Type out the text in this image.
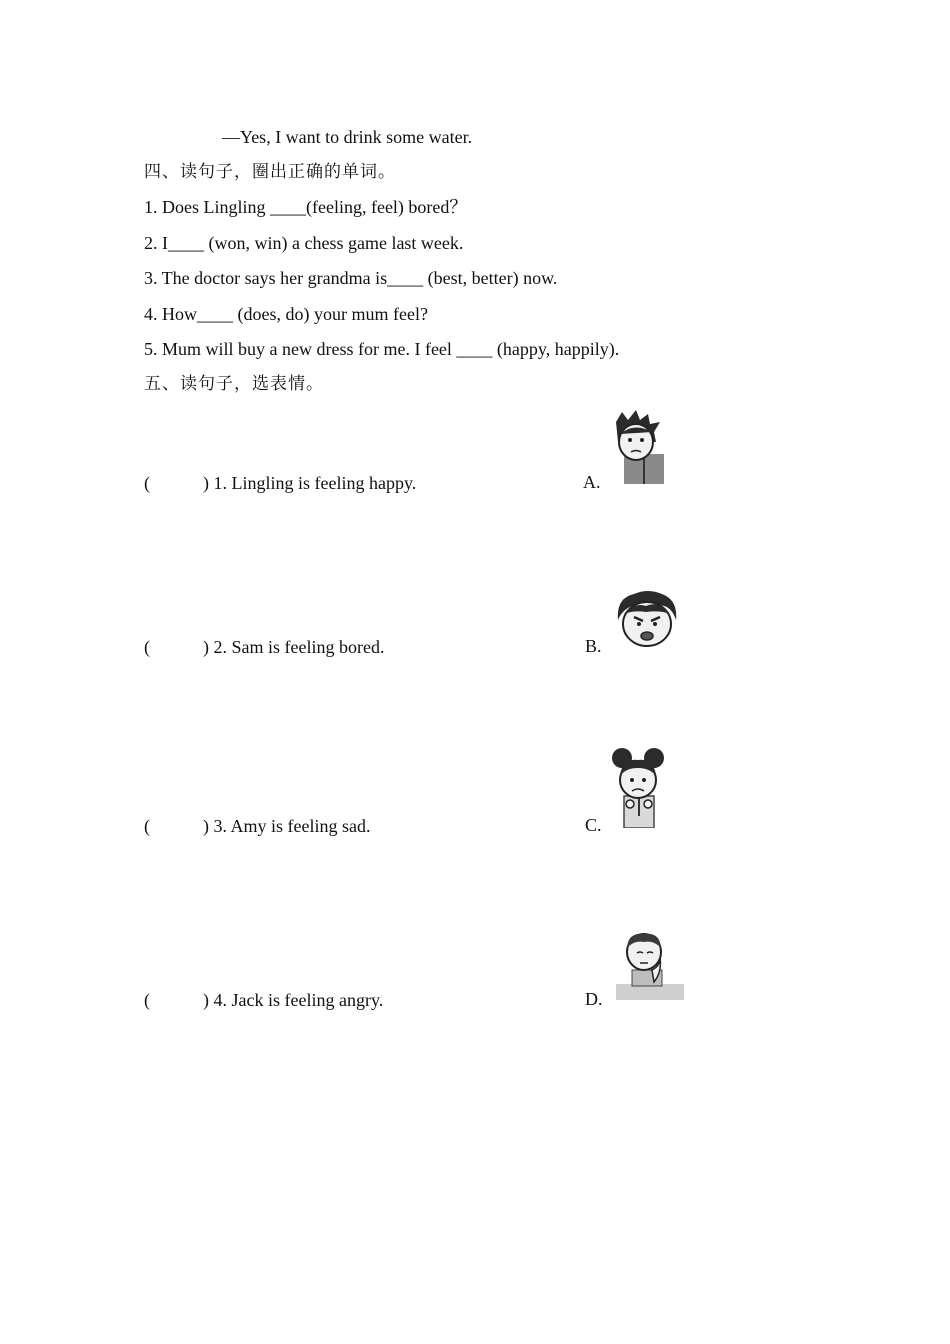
—Yes, I want to drink some water.
四、读句子，圈出正确的单词。
1. Does Lingling ____(feeling, feel) bored？
2. I____ (won, win) a chess game last week.
3. The doctor says her grandma is____ (best, better) now.
4. How____ (does, do) your mum feel?
5. Mum will buy a new dress for me. I feel ____ (happy, happily).
五、读句子，选表情。
(	) 1. Lingling is feeling happy.	A.
(	) 2. Sam is feeling bored.	B.
(	) 3. Amy is feeling sad.	C.
(	) 4. Jack is feeling angry.	D.
